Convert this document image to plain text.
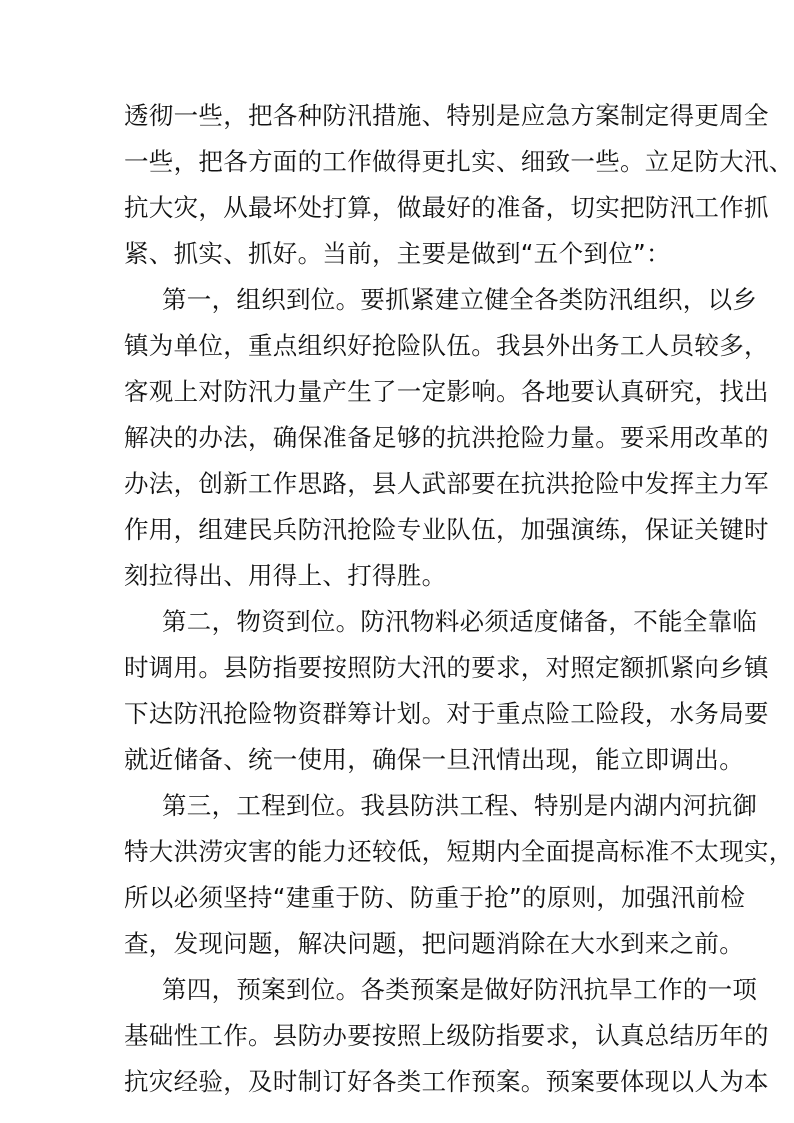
透彻一些，把各种防汛措施、特别是应急方案制定得更周全
一些，把各方面的工作做得更扎实、细致一些。立足防大汛、
抗大灾，从最坏处打算，做最好的准备，切实把防汛工作抓
紧、抓实、抓好。当前，主要是做到“五个到位”：
第一，组织到位。要抓紧建立健全各类防汛组织，以乡
镇为单位，重点组织好抢险队伍。我县外出务工人员较多，
客观上对防汛力量产生了一定影响。各地要认真研究，找出
解决的办法，确保准备足够的抗洪抢险力量。要采用改革的
办法，创新工作思路，县人武部要在抗洪抢险中发挥主力军
作用，组建民兵防汛抢险专业队伍，加强演练，保证关键时
刻拉得出、用得上、打得胜。
第二，物资到位。防汛物料必须适度储备，不能全靠临
时调用。县防指要按照防大汛的要求，对照定额抓紧向乡镇
下达防汛抢险物资群筹计划。对于重点险工险段，水务局要
就近储备、统一使用，确保一旦汛情出现，能立即调出。
第三，工程到位。我县防洪工程、特别是内湖内河抗御
特大洪涝灾害的能力还较低，短期内全面提高标准不太现实，
所以必须坚持“建重于防、防重于抢”的原则，加强汛前检
查，发现问题，解决问题，把问题消除在大水到来之前。
第四，预案到位。各类预案是做好防汛抗旱工作的一项
基础性工作。县防办要按照上级防指要求，认真总结历年的
抗灾经验，及时制订好各类工作预案。预案要体现以人为本
